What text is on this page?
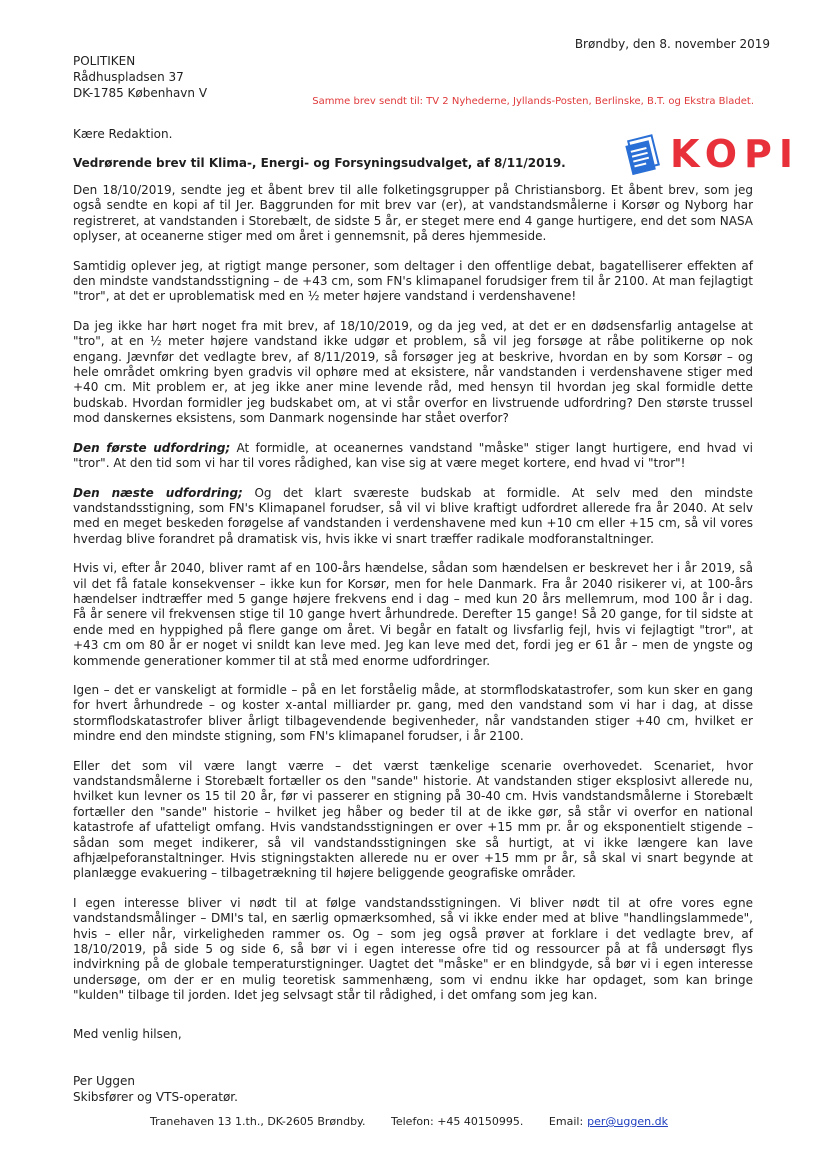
Brøndby, den 8. november 2019
POLITIKEN
Rådhuspladsen 37
DK-1785 København V
Samme brev sendt til: TV 2 Nyhederne, Jyllands-Posten, Berlinske, B.T. og Ekstra Bladet.
Kære Redaktion.
Vedrørende brev til Klima-, Energi- og Forsyningsudvalget, af 8/11/2019.	KOPI

Den 18/10/2019, sendte jeg et åbent brev til alle folketingsgrupper på Christiansborg. Et åbent brev, som jeg også sendte en kopi af til Jer. Baggrunden for mit brev var (er), at vandstandsmålerne i Korsør og Nyborg har registreret, at vandstanden i Storebælt, de sidste 5 år, er steget mere end 4 gange hurtigere, end det som NASA oplyser, at oceanerne stiger med om året i gennemsnit, på deres hjemmeside.

Samtidig oplever jeg, at rigtigt mange personer, som deltager i den offentlige debat, bagatelliserer effekten af den mindste vandstandsstigning – de +43 cm, som FN's klimapanel forudsiger frem til år 2100. At man fejlagtigt "tror", at det er uproblematisk med en ½ meter højere vandstand i verdenshavene!

Da jeg ikke har hørt noget fra mit brev, af 18/10/2019, og da jeg ved, at det er en dødsensfarlig antagelse at "tro", at en ½ meter højere vandstand ikke udgør et problem, så vil jeg forsøge at råbe politikerne op nok engang. Jævnfør det vedlagte brev, af 8/11/2019, så forsøger jeg at beskrive, hvordan en by som Korsør – og hele området omkring byen gradvis vil ophøre med at eksistere, når vandstanden i verdenshavene stiger med +40 cm. Mit problem er, at jeg ikke aner mine levende råd, med hensyn til hvordan jeg skal formidle dette budskab. Hvordan formidler jeg budskabet om, at vi står overfor en livstruende udfordring? Den største trussel mod danskernes eksistens, som Danmark nogensinde har stået overfor?

Den første udfordring; At formidle, at oceanernes vandstand "måske" stiger langt hurtigere, end hvad vi "tror". At den tid som vi har til vores rådighed, kan vise sig at være meget kortere, end hvad vi "tror"!

Den næste udfordring; Og det klart sværeste budskab at formidle. At selv med den mindste vandstandsstigning, som FN's Klimapanel forudser, så vil vi blive kraftigt udfordret allerede fra år 2040. At selv med en meget beskeden forøgelse af vandstanden i verdenshavene med kun +10 cm eller +15 cm, så vil vores hverdag blive forandret på dramatisk vis, hvis ikke vi snart træffer radikale modforanstaltninger.

Hvis vi, efter år 2040, bliver ramt af en 100-års hændelse, sådan som hændelsen er beskrevet her i år 2019, så vil det få fatale konsekvenser – ikke kun for Korsør, men for hele Danmark. Fra år 2040 risikerer vi, at 100-års hændelser indtræffer med 5 gange højere frekvens end i dag – med kun 20 års mellemrum, mod 100 år i dag. Få år senere vil frekvensen stige til 10 gange hvert århundrede. Derefter 15 gange! Så 20 gange, for til sidste at ende med en hyppighed på flere gange om året. Vi begår en fatalt og livsfarlig fejl, hvis vi fejlagtigt "tror", at +43 cm om 80 år er noget vi snildt kan leve med. Jeg kan leve med det, fordi jeg er 61 år – men de yngste og kommende generationer kommer til at stå med enorme udfordringer.

Igen – det er vanskeligt at formidle – på en let forståelig måde, at stormflodskatastrofer, som kun sker en gang for hvert århundrede – og koster x-antal milliarder pr. gang, med den vandstand som vi har i dag, at disse stormflodskatastrofer bliver årligt tilbagevendende begivenheder, når vandstanden stiger +40 cm, hvilket er mindre end den mindste stigning, som FN's klimapanel forudser, i år 2100.

Eller det som vil være langt værre – det værst tænkelige scenarie overhovedet. Scenariet, hvor vandstandsmålerne i Storebælt fortæller os den "sande" historie. At vandstanden stiger eksplosivt allerede nu, hvilket kun levner os 15 til 20 år, før vi passerer en stigning på 30-40 cm. Hvis vandstandsmålerne i Storebælt fortæller den "sande" historie – hvilket jeg håber og beder til at de ikke gør, så står vi overfor en national katastrofe af ufatteligt omfang. Hvis vandstandsstigningen er over +15 mm pr. år og eksponentielt stigende – sådan som meget indikerer, så vil vandstandsstigningen ske så hurtigt, at vi ikke længere kan lave afhjælpeforanstaltninger. Hvis stigningstakten allerede nu er over +15 mm pr år, så skal vi snart begynde at planlægge evakuering – tilbagetrækning til højere beliggende geografiske områder.

I egen interesse bliver vi nødt til at følge vandstandsstigningen. Vi bliver nødt til at ofre vores egne vandstandsmålinger – DMI's tal, en særlig opmærksomhed, så vi ikke ender med at blive "handlingslammede", hvis – eller når, virkeligheden rammer os. Og – som jeg også prøver at forklare i det vedlagte brev, af 18/10/2019, på side 5 og side 6, så bør vi i egen interesse ofre tid og ressourcer på at få undersøgt flys indvirkning på de globale temperaturstigninger. Uagtet det "måske" er en blindgyde, så bør vi i egen interesse undersøge, om der er en mulig teoretisk sammenhæng, som vi endnu ikke har opdaget, som kan bringe "kulden" tilbage til jorden. Idet jeg selvsagt står til rådighed, i det omfang som jeg kan.

Med venlig hilsen,
Per Uggen
Skibsfører og VTS-operatør.
Tranehaven 13 1.th., DK-2605 Brøndby. Telefon: +45 40150995. Email: per@uggen.dk
